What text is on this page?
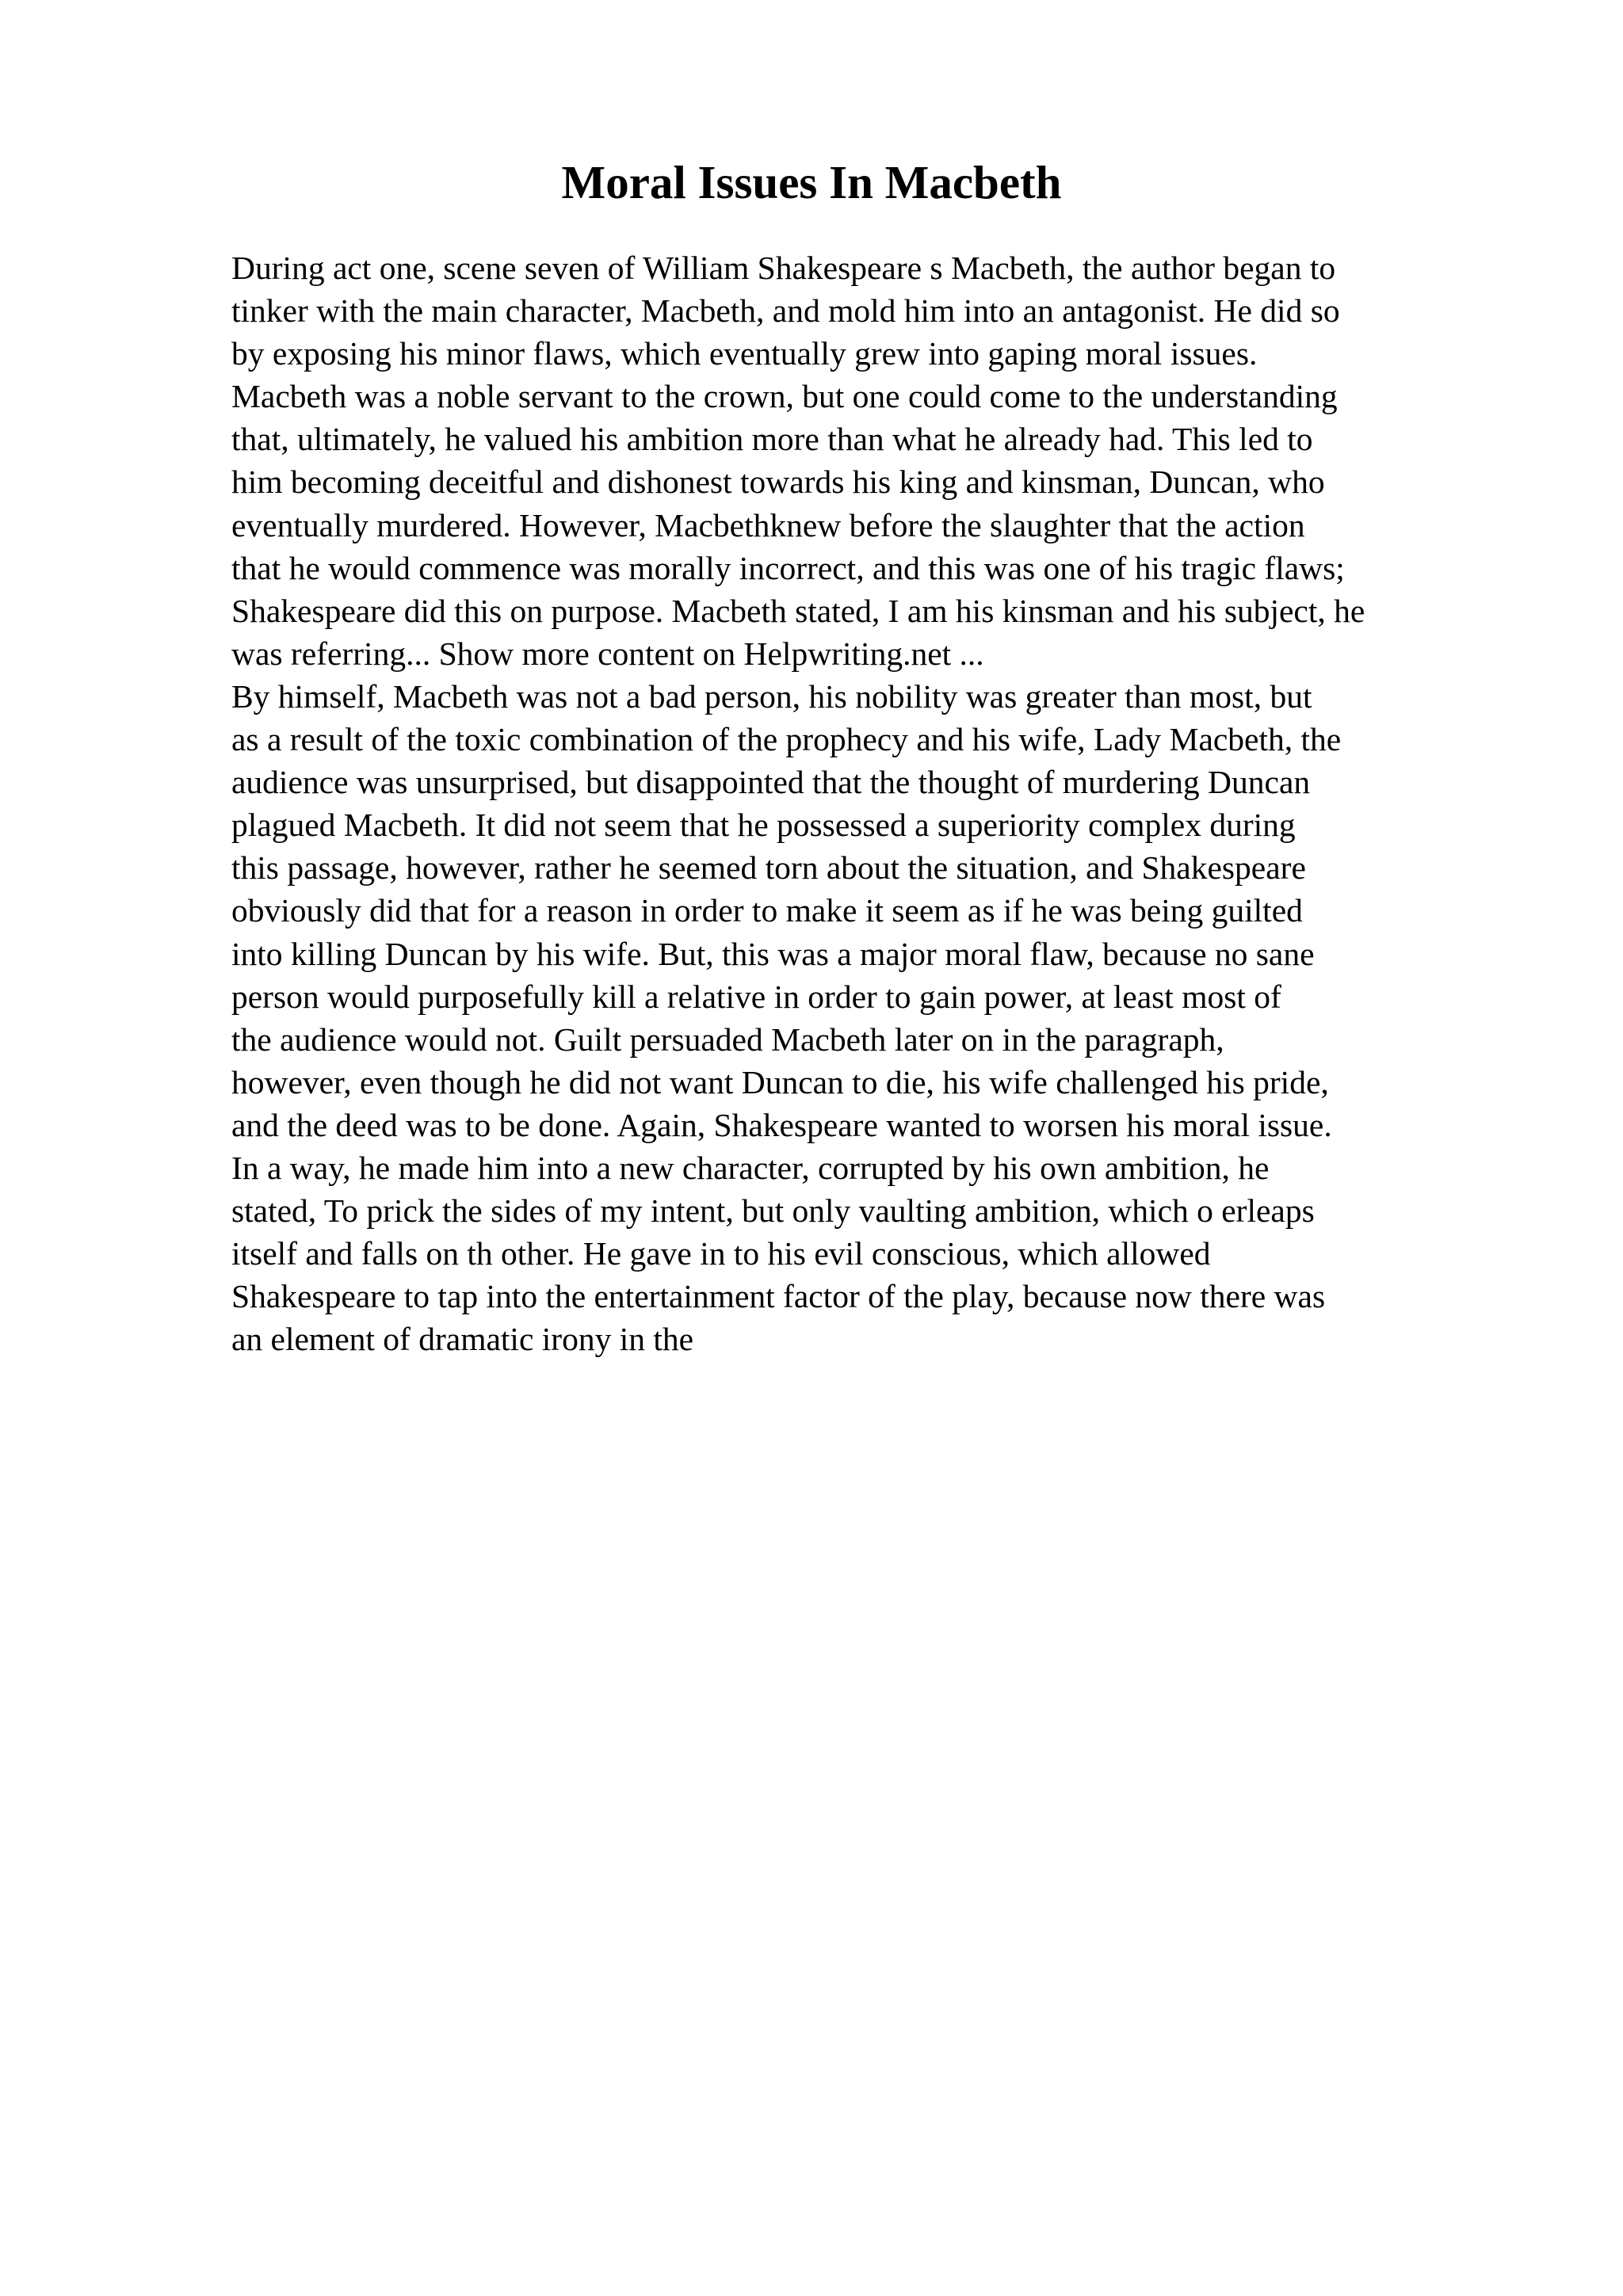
Moral Issues In Macbeth
During act one, scene seven of William Shakespeare s Macbeth, the author began to
tinker with the main character, Macbeth, and mold him into an antagonist. He did so
by exposing his minor flaws, which eventually grew into gaping moral issues.
Macbeth was a noble servant to the crown, but one could come to the understanding
that, ultimately, he valued his ambition more than what he already had. This led to
him becoming deceitful and dishonest towards his king and kinsman, Duncan, who
eventually murdered. However, Macbethknew before the slaughter that the action
that he would commence was morally incorrect, and this was one of his tragic flaws;
Shakespeare did this on purpose. Macbeth stated, I am his kinsman and his subject, he
was referring... Show more content on Helpwriting.net ...
By himself, Macbeth was not a bad person, his nobility was greater than most, but
as a result of the toxic combination of the prophecy and his wife, Lady Macbeth, the
audience was unsurprised, but disappointed that the thought of murdering Duncan
plagued Macbeth. It did not seem that he possessed a superiority complex during
this passage, however, rather he seemed torn about the situation, and Shakespeare
obviously did that for a reason in order to make it seem as if he was being guilted
into killing Duncan by his wife. But, this was a major moral flaw, because no sane
person would purposefully kill a relative in order to gain power, at least most of
the audience would not. Guilt persuaded Macbeth later on in the paragraph,
however, even though he did not want Duncan to die, his wife challenged his pride,
and the deed was to be done. Again, Shakespeare wanted to worsen his moral issue.
In a way, he made him into a new character, corrupted by his own ambition, he
stated, To prick the sides of my intent, but only vaulting ambition, which o erleaps
itself and falls on th other. He gave in to his evil conscious, which allowed
Shakespeare to tap into the entertainment factor of the play, because now there was
an element of dramatic irony in the
